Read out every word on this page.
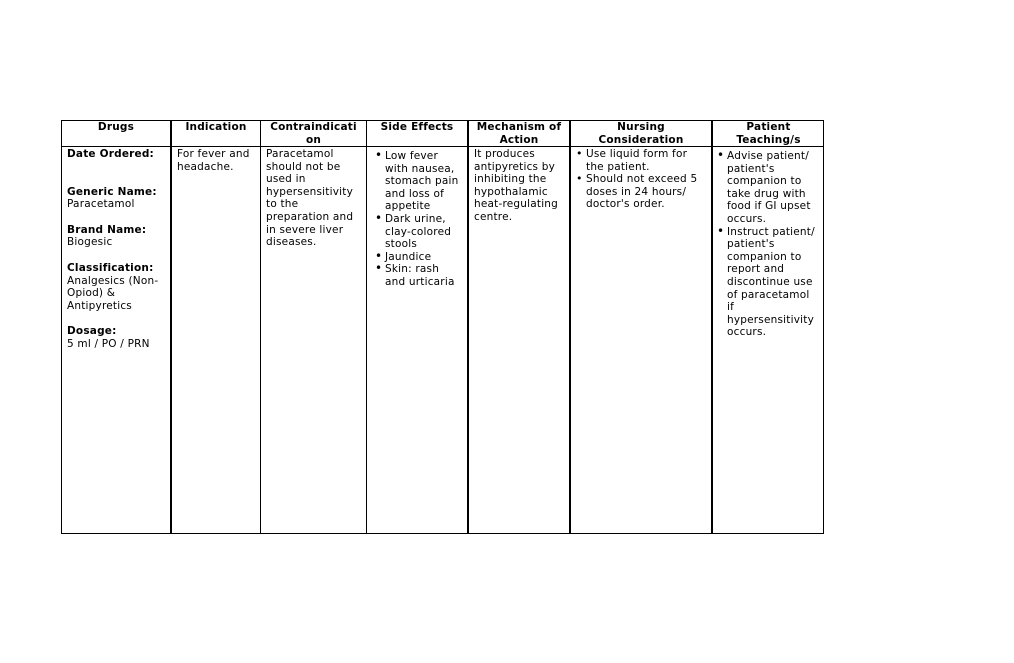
Drugs
Date Ordered:
Generic Name:
Paracetamol
Brand Name:
Biogesic
Classification:
Analgesics (Non-
Opiod) &
Antipyretics
Dosage:
5 ml / PO / PRN
Indication
For fever and
headache.
Contraindicati
on
Paracetamol
should not be
used in
hypersensitivity
to the
preparation and
in severe liver
diseases.
Side Effects
• Low fever
with nausea,
stomach pain
and loss of
appetite
• Dark urine,
clay-colored
stools
• Jaundice
• Skin: rash
and urticaria
Mechanism of
Action
It produces
antipyretics by
inhibiting the
hypothalamic
heat-regulating
centre.
Nursing
Consideration
• Use liquid form for
the patient.
• Should not exceed 5
doses in 24 hours/
doctor's order.
Patient
Teaching/s
• Advise patient/
patient's
companion to
take drug with
food if GI upset
occurs.
• Instruct patient/
patient's
companion to
report and
discontinue use
of paracetamol
if
hypersensitivity
occurs.
